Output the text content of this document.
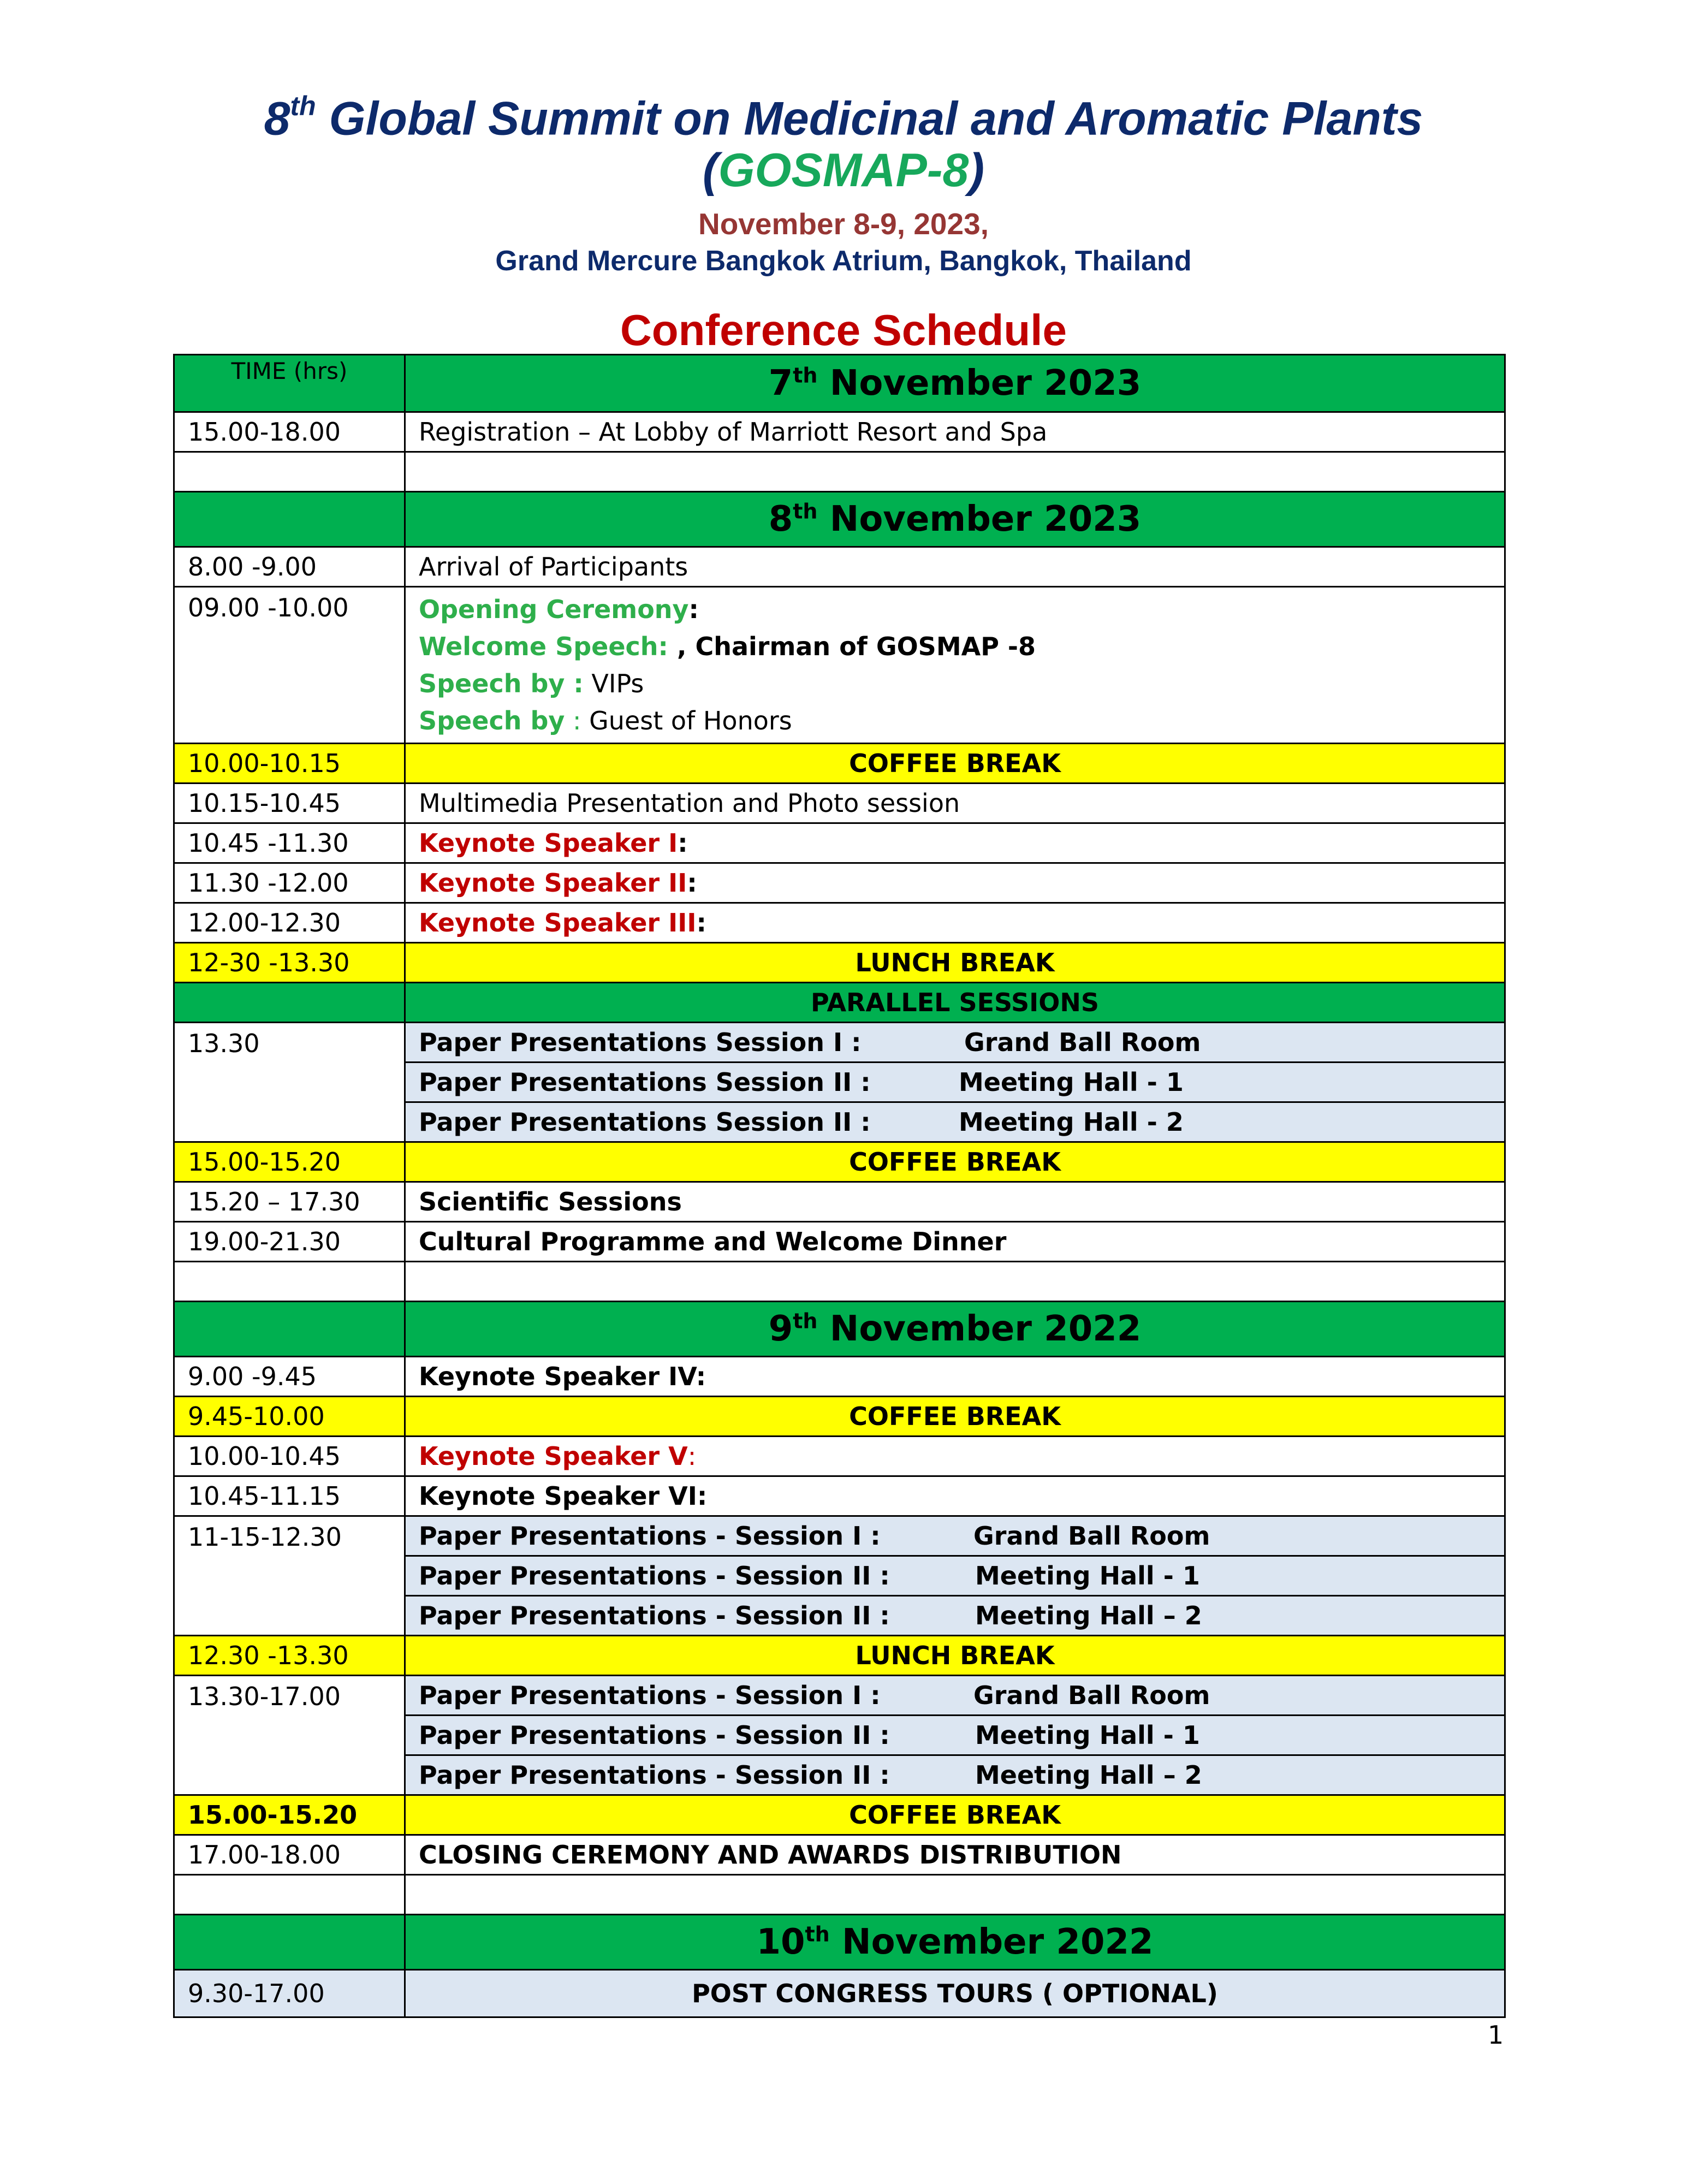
8th Global Summit on Medicinal and Aromatic Plants
(GOSMAP-8)
November 8-9, 2023,
Grand Mercure Bangkok Atrium, Bangkok, Thailand
Conference Schedule
TIME (hrs)	7th November 2023
15.00-18.00	Registration – At Lobby of Marriott Resort and Spa

	8th November 2023
8.00 -9.00	Arrival of Participants
09.00 -10.00	Opening Ceremony:
Welcome Speech: , Chairman of GOSMAP -8
Speech by : VIPs
Speech by : Guest of Honors

10.00-10.15	COFFEE BREAK
10.15-10.45	Multimedia Presentation and Photo session
10.45 -11.30	Keynote Speaker I:
11.30 -12.00	Keynote Speaker II:
12.00-12.30	Keynote Speaker III:
12-30 -13.30	LUNCH BREAK
	PARALLEL SESSIONS
13.30	Paper Presentations Session I : Grand Ball Room

	Paper Presentations Session II : Meeting Hall - 1

	Paper Presentations Session II : Meeting Hall - 2

15.00-15.20	COFFEE BREAK
15.20 – 17.30	Scientific Sessions
19.00-21.30	Cultural Programme and Welcome Dinner

	9th November 2022
9.00 -9.45	Keynote Speaker IV:
9.45-10.00	COFFEE BREAK
10.00-10.45	Keynote Speaker V:
10.45-11.15	Keynote Speaker VI:
11-15-12.30	Paper Presentations - Session I : Grand Ball Room

	Paper Presentations - Session II : Meeting Hall - 1

	Paper Presentations - Session II : Meeting Hall – 2

12.30 -13.30	LUNCH BREAK
13.30-17.00	Paper Presentations - Session I : Grand Ball Room

	Paper Presentations - Session II : Meeting Hall - 1

	Paper Presentations - Session II : Meeting Hall – 2

15.00-15.20	COFFEE BREAK
17.00-18.00	CLOSING CEREMONY AND AWARDS DISTRIBUTION

	10th November 2022
9.30-17.00	POST CONGRESS TOURS ( OPTIONAL)
1
